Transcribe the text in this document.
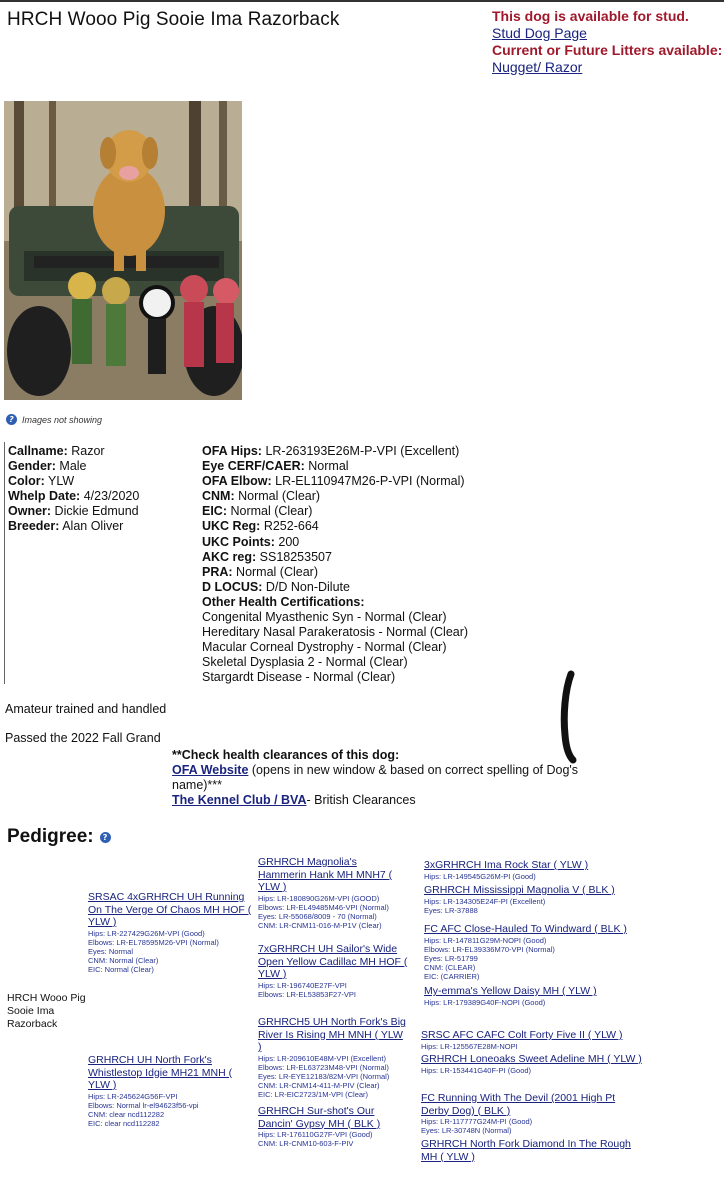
HRCH Wooo Pig Sooie Ima Razorback	This dog is available for stud.
Stud Dog Page
Current or Future Litters available:
Nugget/ Razor
? Images not showing
Callname: Razor
Gender: Male
Color: YLW
Whelp Date: 4/23/2020
Owner: Dickie Edmund
Breeder: Alan Oliver
OFA Hips: LR-263193E26M-P-VPI (Excellent)
Eye CERF/CAER: Normal
OFA Elbow: LR-EL110947M26-P-VPI (Normal)
CNM: Normal (Clear)
EIC: Normal (Clear)
UKC Reg: R252-664
UKC Points: 200
AKC reg: SS18253507
PRA: Normal (Clear)
D LOCUS: D/D Non-Dilute
Other Health Certifications:
Congenital Myasthenic Syn - Normal (Clear)
Hereditary Nasal Parakeratosis - Normal (Clear)
Macular Corneal Dystrophy - Normal (Clear)
Skeletal Dysplasia 2 - Normal (Clear)
Stargardt Disease - Normal (Clear)
Amateur trained and handled
Passed the 2022 Fall Grand
**Check health clearances of this dog:
OFA Website (opens in new window & based on correct spelling of Dog's name)***
The Kennel Club / BVA- British Clearances
Pedigree:	?
HRCH Wooo Pig Sooie Ima Razorback
SRSAC 4xGRHRCH UH Running On The Verge Of Chaos MH HOF ( YLW )
Hips: LR-227429G26M-VPI (Good)
Elbows: LR-EL78595M26-VPI (Normal)
Eyes: Normal
CNM: Normal (Clear)
EIC: Normal (Clear)
GRHRCH UH North Fork's Whistlestop Idgie MH21 MNH ( YLW )
Hips: LR-245624G56F-VPI
Elbows: Normal lr-el94623f56-vpi
CNM: clear ncd112282
EIC: clear ncd112282
GRHRCH Magnolia's Hammerin Hank MH MNH7 ( YLW )
Hips: LR-180890G26M-VPI (GOOD)
Elbows: LR-EL49485M46-VPI (Normal)
Eyes: LR-55068/8009 - 70 (Normal)
CNM: LR-CNM11-016-M-P1V (Clear)
7xGRHRCH UH Sailor's Wide Open Yellow Cadillac MH HOF ( YLW )
Hips: LR-196740E27F-VPI
Elbows: LR-EL53853F27-VPI
GRHRCH5 UH North Fork's Big River Is Rising MH MNH ( YLW )
Hips: LR-209610E48M-VPI (Excellent)
Elbows: LR-EL63723M48-VPI (Normal)
Eyes: LR-EYE12183/82M-VPI (Normal)
CNM: LR-CNM14-411-M-PIV (Clear)
EIC: LR-EIC2723/1M-VPI (Clear)
GRHRCH Sur-shot's Our Dancin' Gypsy MH ( BLK )
Hips: LR-176110G27F-VPI (Good)
CNM: LR-CNM10-603-F-PIV
3xGRHRCH Ima Rock Star ( YLW )
Hips: LR-149545G26M-PI (Good)
GRHRCH Mississippi Magnolia V ( BLK )
Hips: LR-134305E24F-PI (Excellent)
Eyes: LR-37888
FC AFC Close-Hauled To Windward ( BLK )
Hips: LR-147811G29M-NOPI (Good)
Elbows: LR-EL39336M70-VPI (Normal)
Eyes: LR-51799
CNM: (CLEAR)
EIC: (CARRIER)
My-emma's Yellow Daisy MH ( YLW )
Hips: LR-179389G40F-NOPI (Good)
SRSC AFC CAFC Colt Forty Five II ( YLW )
Hips: LR-125567E28M-NOPI
GRHRCH Loneoaks Sweet Adeline MH ( YLW )
Hips: LR-153441G40F-PI (Good)
FC Running With The Devil (2001 High Pt Derby Dog) ( BLK )
Hips: LR-117777G24M-PI (Good)
Eyes: LR-30748N (Normal)
GRHRCH North Fork Diamond In The Rough MH ( YLW )
